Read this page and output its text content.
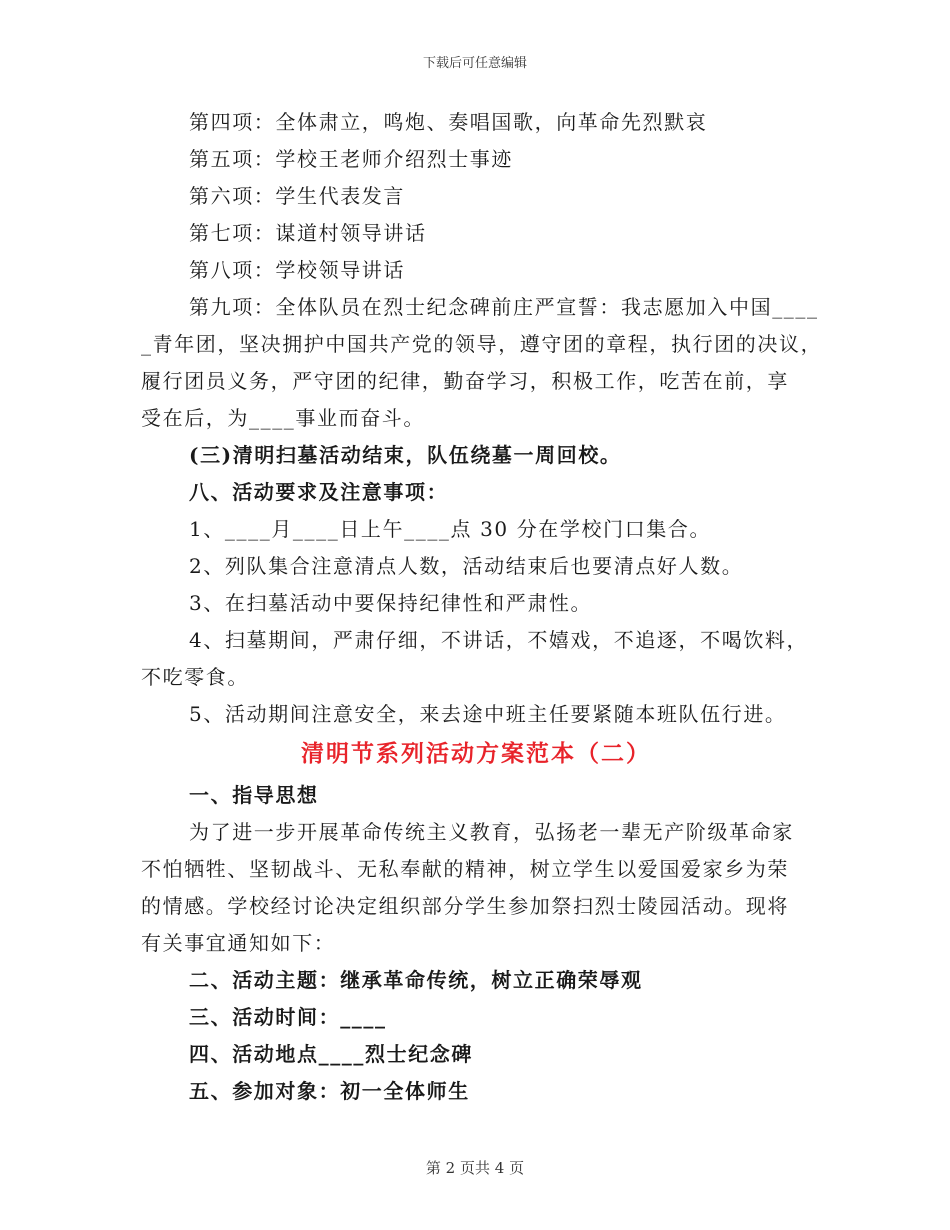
下载后可任意编辑
第四项：全体肃立，鸣炮、奏唱国歌，向革命先烈默哀
第五项：学校王老师介绍烈士事迹
第六项：学生代表发言
第七项：谋道村领导讲话
第八项：学校领导讲话
第九项：全体队员在烈士纪念碑前庄严宣誓：我志愿加入中国____
_青年团，坚决拥护中国共产党的领导，遵守团的章程，执行团的决议，
履行团员义务，严守团的纪律，勤奋学习，积极工作，吃苦在前，享
受在后，为____事业而奋斗。
(三)清明扫墓活动结束，队伍绕墓一周回校。
八、活动要求及注意事项：
1、____月____日上午____点 30 分在学校门口集合。
2、列队集合注意清点人数，活动结束后也要清点好人数。
3、在扫墓活动中要保持纪律性和严肃性。
4、扫墓期间，严肃仔细，不讲话，不嬉戏，不追逐，不喝饮料，
不吃零食。
5、活动期间注意安全，来去途中班主任要紧随本班队伍行进。
清明节系列活动方案范本（二）
一、指导思想
为了进一步开展革命传统主义教育，弘扬老一辈无产阶级革命家
不怕牺牲、坚韧战斗、无私奉献的精神，树立学生以爱国爱家乡为荣
的情感。学校经讨论决定组织部分学生参加祭扫烈士陵园活动。现将
有关事宜通知如下：
二、活动主题：继承革命传统，树立正确荣辱观
三、活动时间：____
四、活动地点____烈士纪念碑
五、参加对象：初一全体师生
第 2 页共 4 页
